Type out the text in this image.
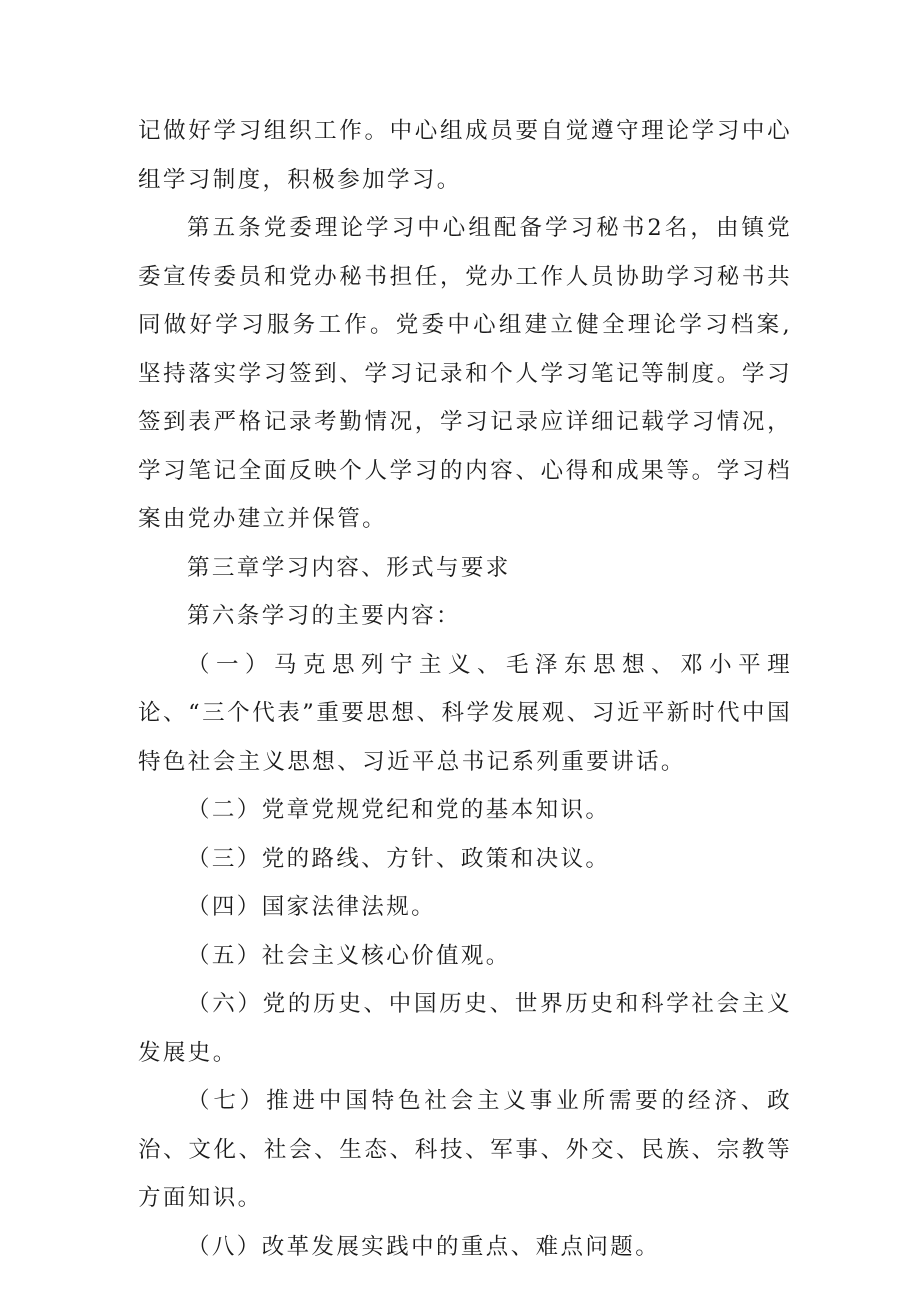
记做好学习组织工作。中心组成员要自觉遵守理论学习中心组学习制度，积极参加学习。

第五条党委理论学习中心组配备学习秘书2名，由镇党委宣传委员和党办秘书担任，党办工作人员协助学习秘书共同做好学习服务工作。党委中心组建立健全理论学习档案,坚持落实学习签到、学习记录和个人学习笔记等制度。学习签到表严格记录考勤情况，学习记录应详细记载学习情况，学习笔记全面反映个人学习的内容、心得和成果等。学习档案由党办建立并保管。

第三章学习内容、形式与要求

第六条学习的主要内容：

（一）马克思列宁主义、毛泽东思想、邓小平理论、“三个代表”重要思想、科学发展观、习近平新时代中国特色社会主义思想、习近平总书记系列重要讲话。

（二）党章党规党纪和党的基本知识。

（三）党的路线、方针、政策和决议。

（四）国家法律法规。

（五）社会主义核心价值观。

（六）党的历史、中国历史、世界历史和科学社会主义发展史。

（七）推进中国特色社会主义事业所需要的经济、政治、文化、社会、生态、科技、军事、外交、民族、宗教等方面知识。

（八）改革发展实践中的重点、难点问题。
